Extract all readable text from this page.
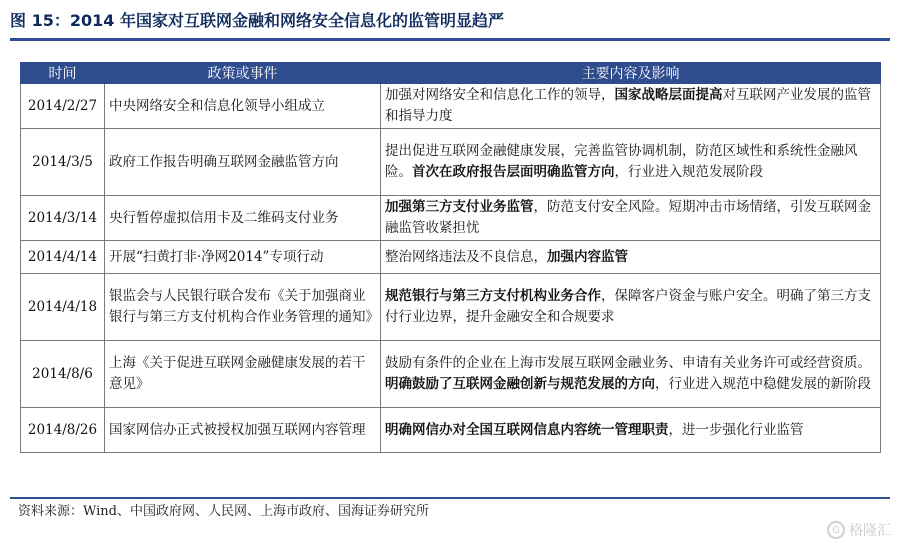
图 15：2014 年国家对互联网金融和网络安全信息化的监管明显趋严
时间	政策或事件	主要内容及影响
2014/2/27	中央网络安全和信息化领导小组成立	加强对网络安全和信息化工作的领导，国家战略层面提高对互联网产业发展的监管和指导力度
2014/3/5	政府工作报告明确互联网金融监管方向	提出促进互联网金融健康发展，完善监管协调机制，防范区域性和系统性金融风险。首次在政府报告层面明确监管方向，行业进入规范发展阶段
2014/3/14	央行暂停虚拟信用卡及二维码支付业务	加强第三方支付业务监管，防范支付安全风险。短期冲击市场情绪，引发互联网金融监管收紧担忧
2014/4/14	开展“扫黄打非·净网2014”专项行动	整治网络违法及不良信息，加强内容监管
2014/4/18	银监会与人民银行联合发布《关于加强商业银行与第三方支付机构合作业务管理的通知》	规范银行与第三方支付机构业务合作，保障客户资金与账户安全。明确了第三方支付行业边界，提升金融安全和合规要求
2014/8/6	上海《关于促进互联网金融健康发展的若干意见》	鼓励有条件的企业在上海市发展互联网金融业务、申请有关业务许可或经营资质。明确鼓励了互联网金融创新与规范发展的方向，行业进入规范中稳健发展的新阶段
2014/8/26	国家网信办正式被授权加强互联网内容管理	明确网信办对全国互联网信息内容统一管理职责，进一步强化行业监管
资料来源：Wind、中国政府网、人民网、上海市政府、国海证券研究所
G 格隆汇
